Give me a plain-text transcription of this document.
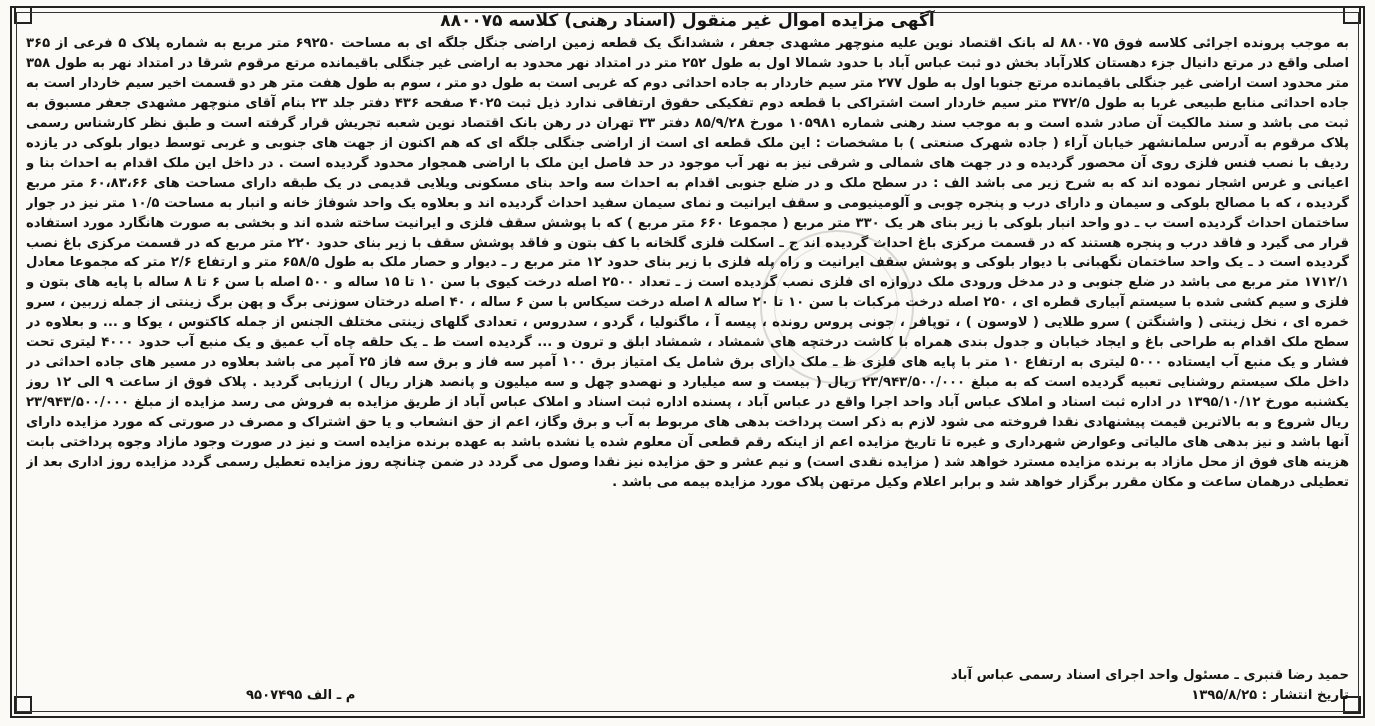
آگهی مزایده اموال غیر منقول (اسناد رهنی) کلاسه ۸۸۰۰۷۵

به موجب پرونده اجرائی کلاسه فوق ۸۸۰۰۷۵ له بانک اقتصاد نوین علیه منوچهر مشهدی جعفر ، ششدانگ یک قطعه زمین اراضی جنگل جلگه ای به مساحت ۶۹۲۵۰ متر مربع به شماره پلاک ۵ فرعی از ۳۶۵ اصلی واقع در مرتع دانیال جزء دهستان کلارآباد بخش دو ثبت عباس آباد با حدود شمالا اول به طول ۲۵۲ متر در امتداد نهر محدود به اراضی غیر جنگلی باقیمانده مرتع مرقوم شرقا در امتداد نهر به طول ۳۵۸ متر محدود است اراضی غیر جنگلی باقیمانده مرتع جنوبا اول به طول ۲۷۷ متر سیم خاردار به جاده احداثی دوم که غربی است به طول دو متر ، سوم به طول هفت متر هر دو قسمت اخیر سیم خاردار است به جاده احداثی منابع طبیعی غربا به طول ۳۷۲/۵ متر سیم خاردار است اشتراکی با قطعه دوم تفکیکی حقوق ارتفاقی ندارد ذیل ثبت ۴۰۲۵ صفحه ۴۳۶ دفتر جلد ۲۳ بنام آقای منوچهر مشهدی جعفر مسبوق به ثبت می باشد و سند مالکیت آن صادر شده است و به موجب سند رهنی شماره ۱۰۵۹۸۱ مورخ ۸۵/۹/۲۸ دفتر ۳۳ تهران در رهن بانک اقتصاد نوین شعبه تجریش قرار گرفته است و طبق نظر کارشناس رسمی پلاک مرقوم به آدرس سلمانشهر خیابان آراء ( جاده شهرک صنعتی ) با مشخصات : این ملک قطعه ای است از اراضی جنگلی جلگه ای که هم اکنون از جهت های جنوبی و غربی توسط دیوار بلوکی در یازده ردیف با نصب فنس فلزی روی آن محصور گردیده و در جهت های شمالی و شرقی نیز به نهر آب موجود در حد فاصل این ملک با اراضی همجوار محدود گردیده است . در داخل این ملک اقدام به احداث بنا و اعیانی و غرس اشجار نموده اند که به شرح زیر می باشد الف : در سطح ملک و در ضلع جنوبی اقدام به احداث سه واحد بنای مسکونی ویلایی قدیمی در یک طبقه دارای مساحت های ۶۰،۸۳،۶۶ متر مربع گردیده ، که با مصالح بلوکی و سیمان و دارای درب و پنجره چوبی و آلومینیومی و سقف ایرانیت و نمای سیمان سفید احداث گردیده اند و بعلاوه یک واحد شوفاژ خانه و انبار به مساحت ۱۰/۵ متر نیز در جوار ساختمان احداث گردیده است ب ـ دو واحد انبار بلوکی با زیر بنای هر یک ۳۳۰ متر مربع ( مجموعا ۶۶۰ متر مربع ) که با پوشش سقف فلزی و ایرانیت ساخته شده اند و بخشی به صورت هانگارد مورد استفاده قرار می گیرد و فاقد درب و پنجره هستند که در قسمت مرکزی باغ احداث گردیده اند ج ـ اسکلت فلزی گلخانه با کف بتون و فاقد پوشش سقف با زیر بنای حدود ۲۲۰ متر مربع که در قسمت مرکزی باغ نصب گردیده است د ـ یک واحد ساختمان نگهبانی با دیوار بلوکی و پوشش سقف ایرانیت و راه پله فلزی با زیر بنای حدود ۱۲ متر مربع ر ـ دیوار و حصار ملک به طول ۶۵۸/۵ متر و ارتفاع ۲/۶ متر که مجموعا معادل ۱۷۱۲/۱ متر مربع می باشد در ضلع جنوبی و در مدخل ورودی ملک دروازه ای فلزی نصب گردیده است ز ـ تعداد ۲۵۰۰ اصله درخت کیوی با سن ۱۰ تا ۱۵ ساله و ۵۰۰ اصله با سن ۶ تا ۸ ساله با پایه های بتون و فلزی و سیم کشی شده با سیستم آبیاری قطره ای ، ۲۵۰ اصله درخت مرکبات با سن ۱۰ تا ۲۰ ساله ۸ اصله درخت سیکاس با سن ۶ ساله ، ۴۰ اصله درختان سوزنی برگ و پهن برگ زینتی از جمله زربین ، سرو خمره ای ، نخل زینتی ( واشنگتن ) سرو طلایی ( لاوسون ) ، توپافر ، جونی پروس رونده ، پیسه آ ، ماگنولیا ، گردو ، سدروس ، تعدادی گلهای زینتی مختلف الجنس از جمله کاکتوس ، یوکا و ... و بعلاوه در سطح ملک اقدام به طراحی باغ و ایجاد خیابان و جدول بندی همراه با کاشت درختچه های شمشاد ، شمشاد ابلق و ترون و ... گردیده است ط ـ یک حلقه چاه آب عمیق و یک منبع آب حدود ۴۰۰۰ لیتری تحت فشار و یک منبع آب ایستاده ۵۰۰۰ لیتری به ارتفاع ۱۰ متر با پایه های فلزی ظ ـ ملک دارای برق شامل یک امتیاز برق ۱۰۰ آمپر سه فاز و برق سه فاز ۲۵ آمپر می باشد بعلاوه در مسیر های جاده احداثی در داخل ملک سیستم روشنایی تعبیه گردیده است که به مبلغ ۲۳/۹۴۳/۵۰۰/۰۰۰ ریال ( بیست و سه میلیارد و نهصدو چهل و سه میلیون و پانصد هزار ریال ) ارزیابی گردید . پلاک فوق از ساعت ۹ الی ۱۲ روز یکشنبه مورخ ۱۳۹۵/۱۰/۱۲ در اداره ثبت اسناد و املاک عباس آباد واحد اجرا واقع در عباس آباد ، پسنده اداره ثبت اسناد و املاک عباس آباد از طریق مزایده به فروش می رسد مزایده از مبلغ ۲۳/۹۴۳/۵۰۰/۰۰۰ ریال شروع و به بالاترین قیمت پیشنهادی نقدا فروخته می شود لازم به ذکر است پرداخت بدهی های مربوط به آب و برق وگاز، اعم از حق انشعاب و یا حق اشتراک و مصرف در صورتی که مورد مزایده دارای آنها باشد و نیز بدهی های مالیاتی وعوارض شهرداری و غیره تا تاریخ مزایده اعم از اینکه رقم قطعی آن معلوم شده یا نشده باشد به عهده برنده مزایده است و نیز در صورت وجود مازاد وجوه پرداختی بابت هزینه های فوق از محل مازاد به برنده مزایده مسترد خواهد شد ( مزایده نقدی است) و نیم عشر و حق مزایده نیز نقدا وصول می گردد در ضمن چنانچه روز مزایده تعطیل رسمی گردد مزایده روز اداری بعد از تعطیلی درهمان ساعت و مکان مقرر برگزار خواهد شد و برابر اعلام وکیل مرتهن پلاک مورد مزایده بیمه می باشد .

حمید رضا قنبری ـ مسئول واحد اجرای اسناد رسمی عباس آباد
تاریخ انتشار : ۱۳۹۵/۸/۲۵
م ـ الف ۹۵۰۷۴۹۵
